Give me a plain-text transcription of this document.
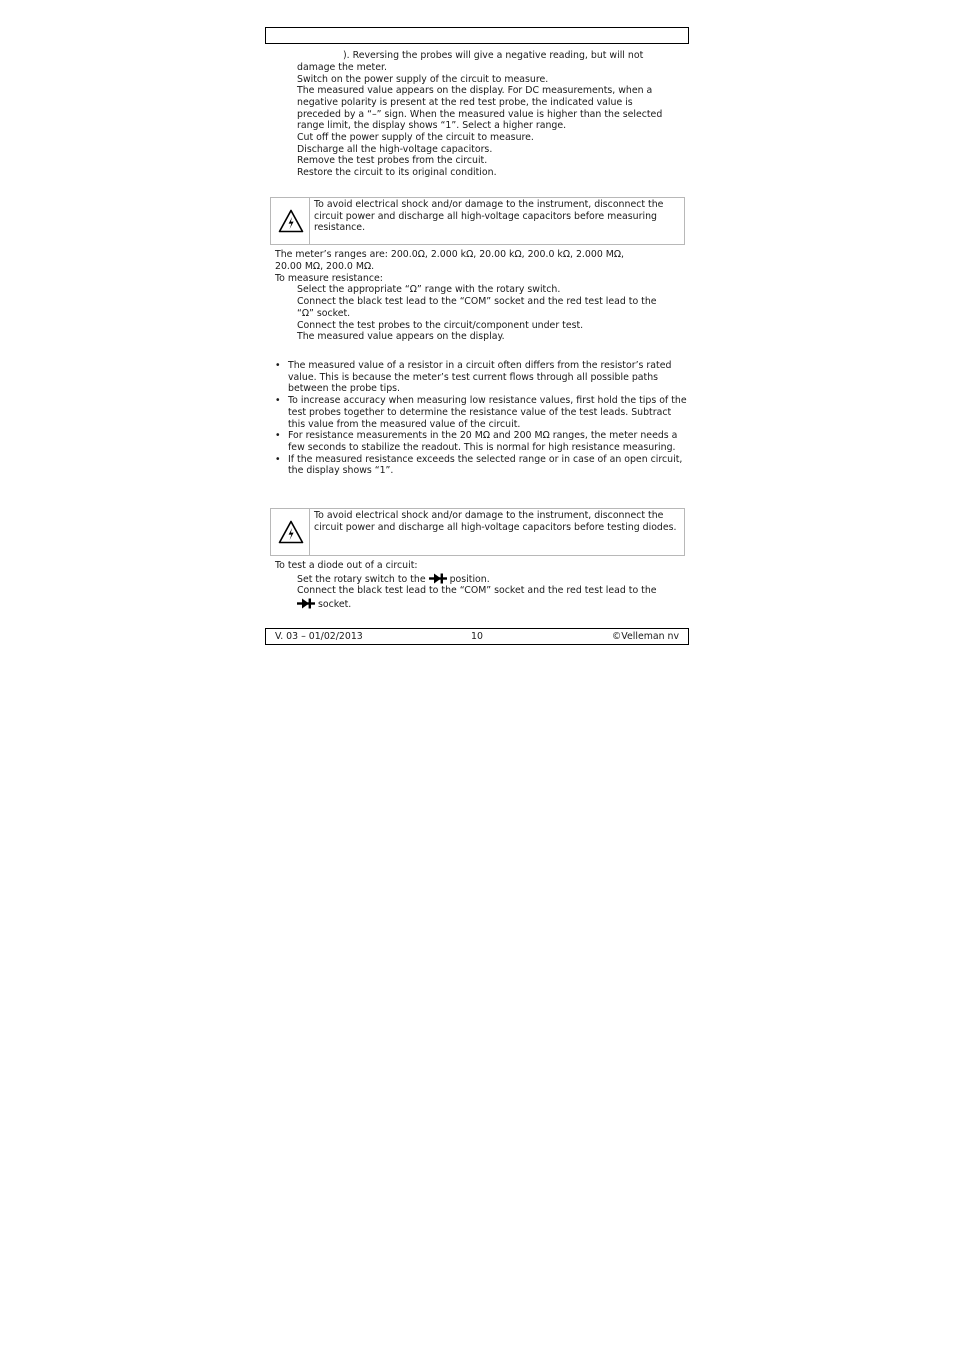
). Reversing the probes will give a negative reading, but will not
damage the meter.
Switch on the power supply of the circuit to measure.
The measured value appears on the display. For DC measurements, when a
negative polarity is present at the red test probe, the indicated value is
preceded by a “–” sign. When the measured value is higher than the selected
range limit, the display shows “1”. Select a higher range.
Cut off the power supply of the circuit to measure.
Discharge all the high-voltage capacitors.
Remove the test probes from the circuit.
Restore the circuit to its original condition.
To avoid electrical shock and/or damage to the instrument, disconnect the circuit power and discharge all high-voltage capacitors before measuring resistance.
The meter’s ranges are: 200.0Ω, 2.000 kΩ, 20.00 kΩ, 200.0 kΩ, 2.000 MΩ,
20.00 MΩ, 200.0 MΩ.
To measure resistance:
Select the appropriate “Ω” range with the rotary switch.
Connect the black test lead to the “COM” socket and the red test lead to the
“Ω” socket.
Connect the test probes to the circuit/component under test.
The measured value appears on the display.
• The measured value of a resistor in a circuit often differs from the resistor’s rated value. This is because the meter’s test current flows through all possible paths between the probe tips.
• To increase accuracy when measuring low resistance values, first hold the tips of the test probes together to determine the resistance value of the test leads. Subtract this value from the measured value of the circuit.
• For resistance measurements in the 20 MΩ and 200 MΩ ranges, the meter needs a few seconds to stabilize the readout. This is normal for high resistance measuring.
• If the measured resistance exceeds the selected range or in case of an open circuit, the display shows “1”.
To avoid electrical shock and/or damage to the instrument, disconnect the circuit power and discharge all high-voltage capacitors before testing diodes.
To test a diode out of a circuit:
Set the rotary switch to the	position.
Connect the black test lead to the “COM” socket and the red test lead to the
socket.
V. 03 – 01/02/2013	10	©Velleman nv
